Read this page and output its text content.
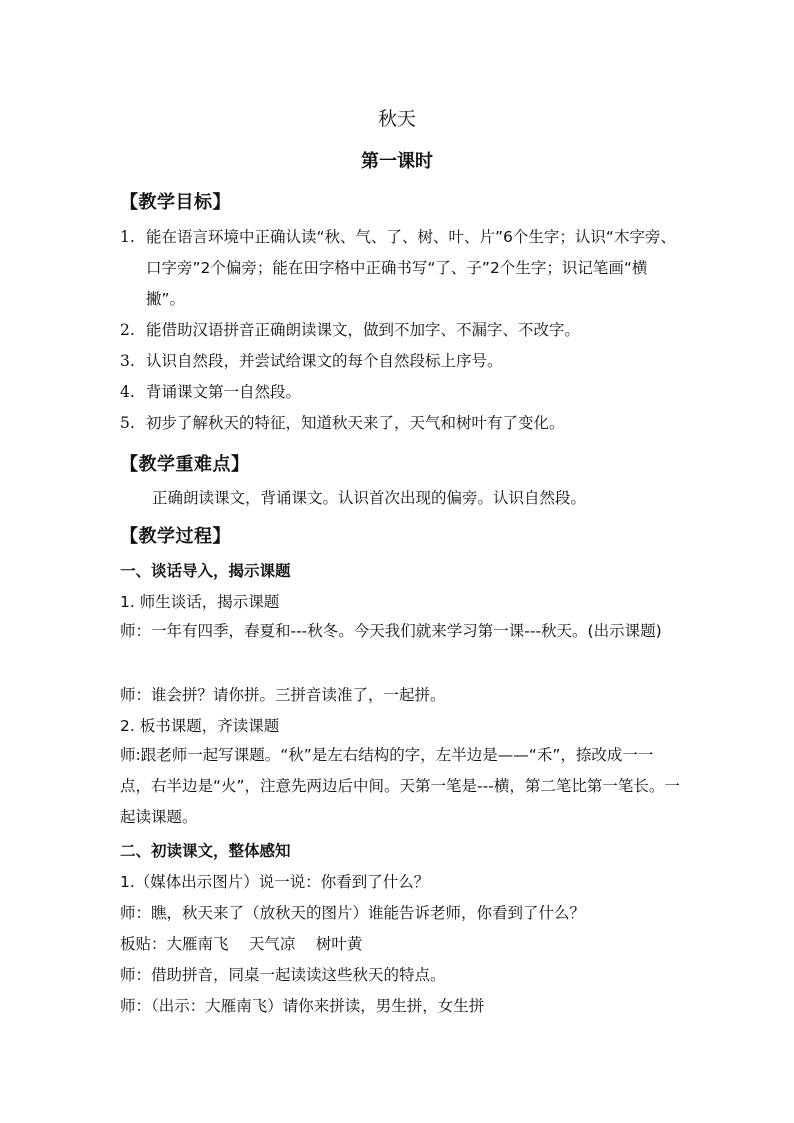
秋天
第一课时
【教学目标】
1. 能在语言环境中正确认读“秋、气、了、树、叶、片”6个生字；认识“木字旁、口字旁”2个偏旁；能在田字格中正确书写“了、子”2个生字；识记笔画“横撇”。
2. 能借助汉语拼音正确朗读课文，做到不加字、不漏字、不改字。
3. 认识自然段，并尝试给课文的每个自然段标上序号。
4. 背诵课文第一自然段。
5. 初步了解秋天的特征，知道秋天来了，天气和树叶有了变化。
【教学重难点】
正确朗读课文，背诵课文。认识首次出现的偏旁。认识自然段。
【教学过程】
一、谈话导入，揭示课题
1. 师生谈话，揭示课题
师：一年有四季，春夏和---秋冬。今天我们就来学习第一课---秋天。(出示课题)
师：谁会拼？请你拼。三拼音读准了，一起拼。
2. 板书课题，齐读课题
师:跟老师一起写课题。“秋”是左右结构的字，左半边是——“禾”，捺改成一一点，右半边是“火”，注意先两边后中间。天第一笔是---横，第二笔比第一笔长。一起读课题。
二、初读课文，整体感知
1.（媒体出示图片）说一说：你看到了什么？
师：瞧，秋天来了（放秋天的图片）谁能告诉老师，你看到了什么？
板贴：大雁南飞　 天气凉　 树叶黄
师：借助拼音，同桌一起读读这些秋天的特点。
师：（出示：大雁南飞）请你来拼读，男生拼，女生拼
